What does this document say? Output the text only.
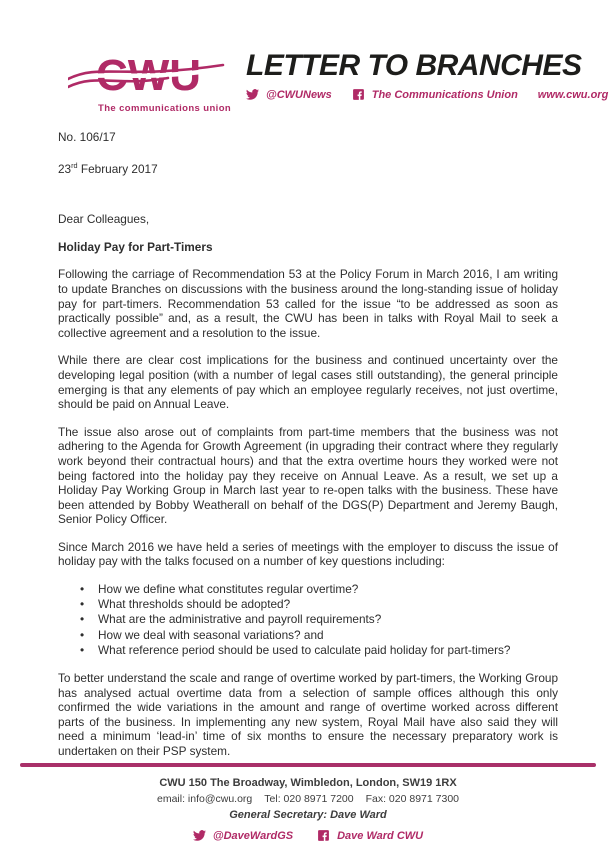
CWU
The communications union
LETTER TO BRANCHES
@CWUNews	The Communications Union www.cwu.org

No. 106/17

23rd February 2017

Dear Colleagues,

Holiday Pay for Part-Timers

Following the carriage of Recommendation 53 at the Policy Forum in March 2016, I am writing to update Branches on discussions with the business around the long-standing issue of holiday pay for part-timers. Recommendation 53 called for the issue “to be addressed as soon as practically possible” and, as a result, the CWU has been in talks with Royal Mail to seek a collective agreement and a resolution to the issue.

While there are clear cost implications for the business and continued uncertainty over the developing legal position (with a number of legal cases still outstanding), the general principle emerging is that any elements of pay which an employee regularly receives, not just overtime, should be paid on Annual Leave.

The issue also arose out of complaints from part-time members that the business was not adhering to the Agenda for Growth Agreement (in upgrading their contract where they regularly work beyond their contractual hours) and that the extra overtime hours they worked were not being factored into the holiday pay they receive on Annual Leave. As a result, we set up a Holiday Pay Working Group in March last year to re-open talks with the business. These have been attended by Bobby Weatherall on behalf of the DGS(P) Department and Jeremy Baugh, Senior Policy Officer.

Since March 2016 we have held a series of meetings with the employer to discuss the issue of holiday pay with the talks focused on a number of key questions including:

• How we define what constitutes regular overtime?
• What thresholds should be adopted?
• What are the administrative and payroll requirements?
• How we deal with seasonal variations? and
• What reference period should be used to calculate paid holiday for part-timers?

To better understand the scale and range of overtime worked by part-timers, the Working Group has analysed actual overtime data from a selection of sample offices although this only confirmed the wide variations in the amount and range of overtime worked across different parts of the business. In implementing any new system, Royal Mail have also said they will need a minimum ‘lead-in’ time of six months to ensure the necessary preparatory work is undertaken on their PSP system.

CWU 150 The Broadway, Wimbledon, London, SW19 1RX

email: info@cwu.org Tel: 020 8971 7200 Fax: 020 8971 7300

General Secretary: Dave Ward

@DaveWardGS	Dave Ward CWU
